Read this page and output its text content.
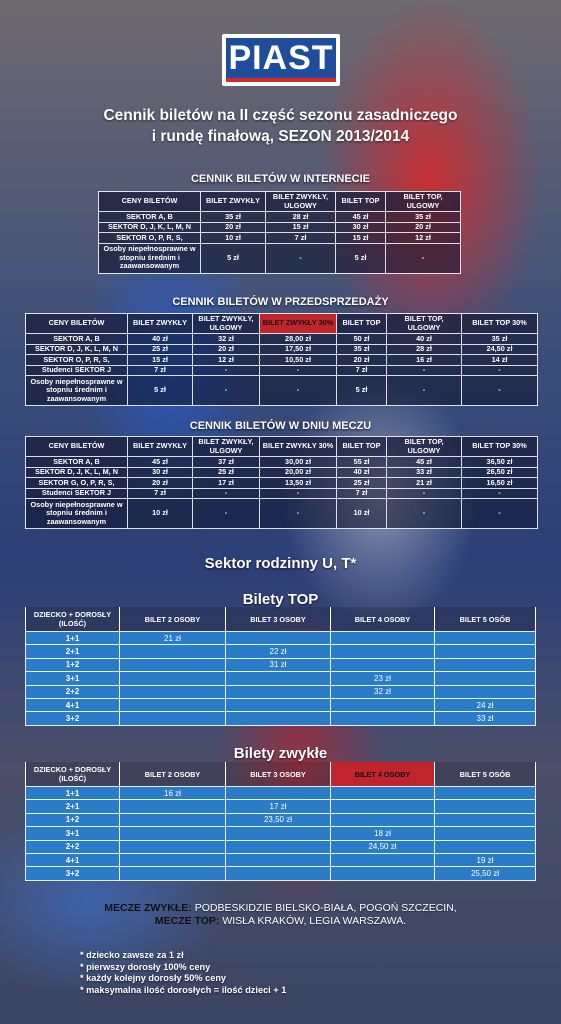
PIAST
Cennik biletów na II część sezonu zasadniczego
i rundę finałową, SEZON 2013/2014
CENNIK BILETÓW W INTERNECIE
CENY BILETÓW	BILET ZWYKŁY	BILET ZWYKŁY, ULGOWY	BILET TOP	BILET TOP, ULGOWY
SEKTOR A, B	35 zł	28 zł	45 zł	35 zł
SEKTOR D, J, K, L, M, N	20 zł	15 zł	30 zł	20 zł
SEKTOR O, P, R, S,	10 zł	7 zł	15 zł	12 zł
Osoby niepełnosprawne w stopniu średnim i zaawansowanym	5 zł	-	5 zł	-
CENNIK BILETÓW W PRZEDSPRZEDAŻY
CENY BILETÓW	BILET ZWYKŁY	BILET ZWYKŁY, ULGOWY	BILET ZWYKŁY 30%	BILET TOP	BILET TOP, ULGOWY	BILET TOP 30%
SEKTOR A, B	40 zł	32 zł	28,00 zł	50 zł	40 zł	35 zł
SEKTOR D, J, K, L, M, N	25 zł	20 zł	17,50 zł	35 zł	28 zł	24,50 zł
SEKTOR O, P, R, S,	15 zł	12 zł	10,50 zł	20 zł	16 zł	14 zł
Studenci SEKTOR J	7 zł	-	-	7 zł	-	-
Osoby niepełnosprawne w stopniu średnim i zaawansowanym	5 zł	-	-	5 zł	-	-
CENNIK BILETÓW W DNIU MECZU
CENY BILETÓW	BILET ZWYKŁY	BILET ZWYKŁY, ULGOWY	BILET ZWYKŁY 30%	BILET TOP	BILET TOP, ULGOWY	BILET TOP 30%
SEKTOR A, B	45 zł	37 zł	30,00 zł	55 zł	45 zł	36,50 zł
SEKTOR D, J, K, L, M, N	30 zł	25 zł	20,00 zł	40 zł	33 zł	26,50 zł
SEKTOR G, O, P, R, S,	20 zł	17 zł	13,50 zł	25 zł	21 zł	16,50 zł
Studenci SEKTOR J	7 zł	-	-	7 zł	-	-
Osoby niepełnosprawne w stopniu średnim i zaawansowanym	10 zł	-	-	10 zł	-	-
Sektor rodzinny U, T*
Bilety TOP
DZIECKO + DOROSŁY (ILOŚĆ)	BILET 2 OSOBY	BILET 3 OSOBY	BILET 4 OSOBY	BILET 5 OSÓB
1+1	21 zł			
2+1		22 zł		
1+2		31 zł		
3+1			23 zł	
2+2			32 zł	
4+1				24 zł
3+2				33 zł
Bilety zwykłe
DZIECKO + DOROSŁY (ILOŚĆ)	BILET 2 OSOBY	BILET 3 OSOBY	BILET 4 OSOBY	BILET 5 OSÓB
1+1	16 zł			
2+1		17 zł		
1+2		23,50 zł		
3+1			18 zł	
2+2			24,50 zł	
4+1				19 zł
3+2				25,50 zł
MECZE ZWYKŁE: PODBESKIDZIE BIELSKO-BIAŁA, POGOŃ SZCZECIN,
MECZE TOP: WISŁA KRAKÓW, LEGIA WARSZAWA.
* dziecko zawsze za 1 zł
* pierwszy dorosły 100% ceny
* każdy kolejny dorosły 50% ceny
* maksymalna ilość dorosłych = ilość dzieci + 1
